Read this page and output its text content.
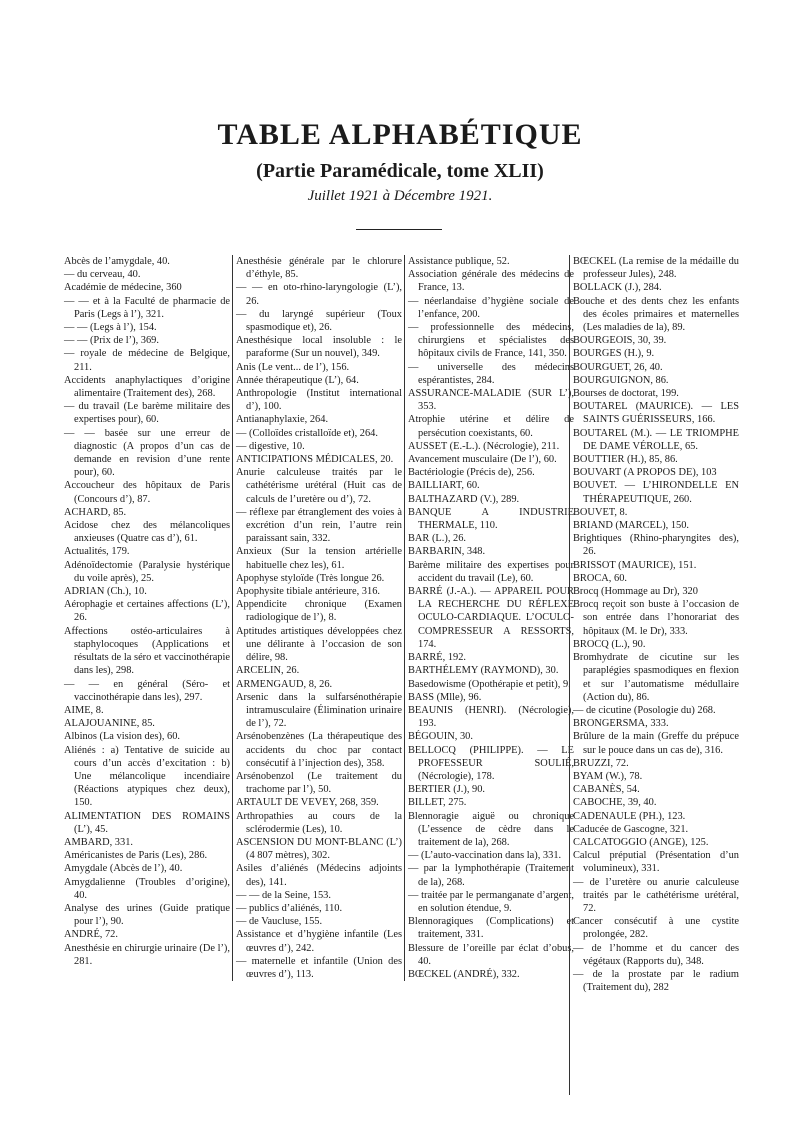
TABLE ALPHABÉTIQUE
(Partie Paramédicale, tome XLII)
Juillet 1921 à Décembre 1921.

Abcès de l’amygdale, 40.

— du cerveau, 40.

Académie de médecine, 360

— — et à la Faculté de pharmacie de Paris (Legs à l’), 321.

— — (Legs à l’), 154.

— — (Prix de l’), 369.

— royale de médecine de Belgique, 211.

Accidents anaphylactiques d’origine alimentaire (Traitement des), 268.

— du travail (Le barème militaire des expertises pour), 60.

— — basée sur une erreur de diagnostic (A propos d’un cas de demande en revision d’une rente pour), 60.

Accoucheur des hôpitaux de Paris (Concours d’), 87.

ACHARD, 85.

Acidose chez des mélancoliques anxieuses (Quatre cas d’), 61.

Actualités, 179.

Adénoïdectomie (Paralysie hystérique du voile après), 25.

ADRIAN (Ch.), 10.

Aérophagie et certaines affections (L’), 26.

Affections ostéo-articulaires à staphylocoques (Applications et résultats de la séro et vaccinothérapie dans les), 298.

— — en général (Séro- et vaccinothérapie dans les), 297.

AIME, 8.

ALAJOUANINE, 85.

Albinos (La vision des), 60.

Aliénés : a) Tentative de suicide au cours d’un accès d’excitation : b) Une mélancolique incendiaire (Réactions atypiques chez deux), 150.

ALIMENTATION DES ROMAINS (L’), 45.

AMBARD, 331.

Américanistes de Paris (Les), 286.

Amygdale (Abcès de l’), 40.

Amygdalienne (Troubles d’origine), 40.

Analyse des urines (Guide pratique pour l’), 90.

ANDRÉ, 72.

Anesthésie en chirurgie urinaire (De l’), 281.

Anesthésie générale par le chlorure d’éthyle, 85.

— — en oto-rhino-laryngologie (L’), 26.

— du laryngé supérieur (Toux spasmodique et), 26.

Anesthésique local insoluble : le paraforme (Sur un nouvel), 349.

Anis (Le vent... de l’), 156.

Année thérapeutique (L’), 64.

Anthropologie (Institut international d’), 100.

Antianaphylaxie, 264.

— (Colloïdes cristalloïde et), 264.

— digestive, 10.

ANTICIPATIONS MÉDICALES, 20.

Anurie calculeuse traités par le cathétérisme urétéral (Huit cas de calculs de l’uretère ou d’), 72.

— réflexe par étranglement des voies à excrétion d’un rein, l’autre rein paraissant sain, 332.

Anxieux (Sur la tension artérielle habituelle chez les), 61.

Apophyse styloïde (Très longue 26.

Apophysite tibiale antérieure, 316.

Appendicite chronique (Examen radiologique de l’), 8.

Aptitudes artistiques développées chez une délirante à l’occasion de son délire, 98.

ARCELIN, 26.

ARMENGAUD, 8, 26.

Arsenic dans la sulfarsénothérapie intramusculaire (Élimination urinaire de l’), 72.

Arsénobenzènes (La thérapeutique des accidents du choc par contact consécutif à l’injection des), 358.

Arsénobenzol (Le traitement du trachome par l’), 50.

ARTAULT DE VEVEY, 268, 359.

Arthropathies au cours de la sclérodermie (Les), 10.

ASCENSION DU MONT-BLANC (L’) (4 807 mètres), 302.

Asiles d’aliénés (Médecins adjoints des), 141.

— — de la Seine, 153.

— publics d’aliénés, 110.

— de Vaucluse, 155.

Assistance et d’hygiène infantile (Les œuvres d’), 242.

— maternelle et infantile (Union des œuvres d’), 113.

Assistance publique, 52.

Association générale des médecins de France, 13.

— néerlandaise d’hygiène sociale de l’enfance, 200.

— professionnelle des médecins, chirurgiens et spécialistes des hôpitaux civils de France, 141, 350.

— universelle des médecins espérantistes, 284.

ASSURANCE-MALADIE (SUR L’), 353.

Atrophie utérine et délire de persécution coexistants, 60.

AUSSET (E.-L.). (Nécrologie), 211.

Avancement musculaire (De l’), 60.

Bactériologie (Précis de), 256.

BAILLIART, 60.

BALTHAZARD (V.), 289.

BANQUE A INDUSTRIE THERMALE, 110.

BAR (L.), 26.

BARBARIN, 348.

Barème militaire des expertises pour accident du travail (Le), 60.

BARRÉ (J.-A.). — APPAREIL POUR LA RECHERCHE DU RÉFLEXE OCULO-CARDIAQUE. L’OCULO-COMPRESSEUR A RESSORTS, 174.

BARRÉ, 192.

BARTHÉLEMY (RAYMOND), 30.

Basedowisme (Opothérapie et petit), 9.

BASS (Mlle), 96.

BEAUNIS (HENRI). (Nécrologie), 193.

BÉGOUIN, 30.

BELLOCQ (PHILIPPE). — LE PROFESSEUR SOULIÉ, (Nécrologie), 178.

BERTIER (J.), 90.

BILLET, 275.

Blennoragie aiguë ou chronique (L’essence de cèdre dans le traitement de la), 268.

— (L’auto-vaccination dans la), 331.

— par la lymphothérapie (Traitement de la), 268.

— traitée par le permanganate d’argent, en solution étendue, 9.

Blennoragiques (Complications) et traitement, 331.

Blessure de l’oreille par éclat d’obus, 40.

BŒCKEL (ANDRÉ), 332.

BŒCKEL (La remise de la médaille du professeur Jules), 248.

BOLLACK (J.), 284.

Bouche et des dents chez les enfants des écoles primaires et maternelles (Les maladies de la), 89.

BOURGEOIS, 30, 39.

BOURGES (H.), 9.

BOURGUET, 26, 40.

BOURGUIGNON, 86.

Bourses de doctorat, 199.

BOUTAREL (MAURICE). — LES SAINTS GUÉRISSEURS, 166.

BOUTAREL (M.). — LE TRIOMPHE DE DAME VÉROLLE, 65.

BOUTTIER (H.), 85, 86.

BOUVART (A PROPOS DE), 103

BOUVET. — L’HIRONDELLE EN THÉRAPEUTIQUE, 260.

BOUVET, 8.

BRIAND (MARCEL), 150.

Brightiques (Rhino-pharyngites des), 26.

BRISSOT (MAURICE), 151.

BROCA, 60.

Brocq (Hommage au Dr), 320

Brocq reçoit son buste à l’occasion de son entrée dans l’honorariat des hôpitaux (M. le Dr), 333.

BROCQ (L.), 90.

Bromhydrate de cicutine sur les paraplégies spasmodiques en flexion et sur l’automatisme médullaire (Action du), 86.

— de cicutine (Posologie du) 268.

BRONGERSMA, 333.

Brûlure de la main (Greffe du prépuce sur le pouce dans un cas de), 316.

BRUZZI, 72.

BYAM (W.), 78.

CABANÈS, 54.

CABOCHE, 39, 40.

CADENAULE (PH.), 123.

Caducée de Gascogne, 321.

CALCATOGGIO (ANGE), 125.

Calcul préputial (Présentation d’un volumineux), 331.

— de l’uretère ou anurie calculeuse traités par le cathétérisme urétéral, 72.

Cancer consécutif à une cystite prolongée, 282.

— de l’homme et du cancer des végétaux (Rapports du), 348.

— de la prostate par le radium (Traitement du), 282
